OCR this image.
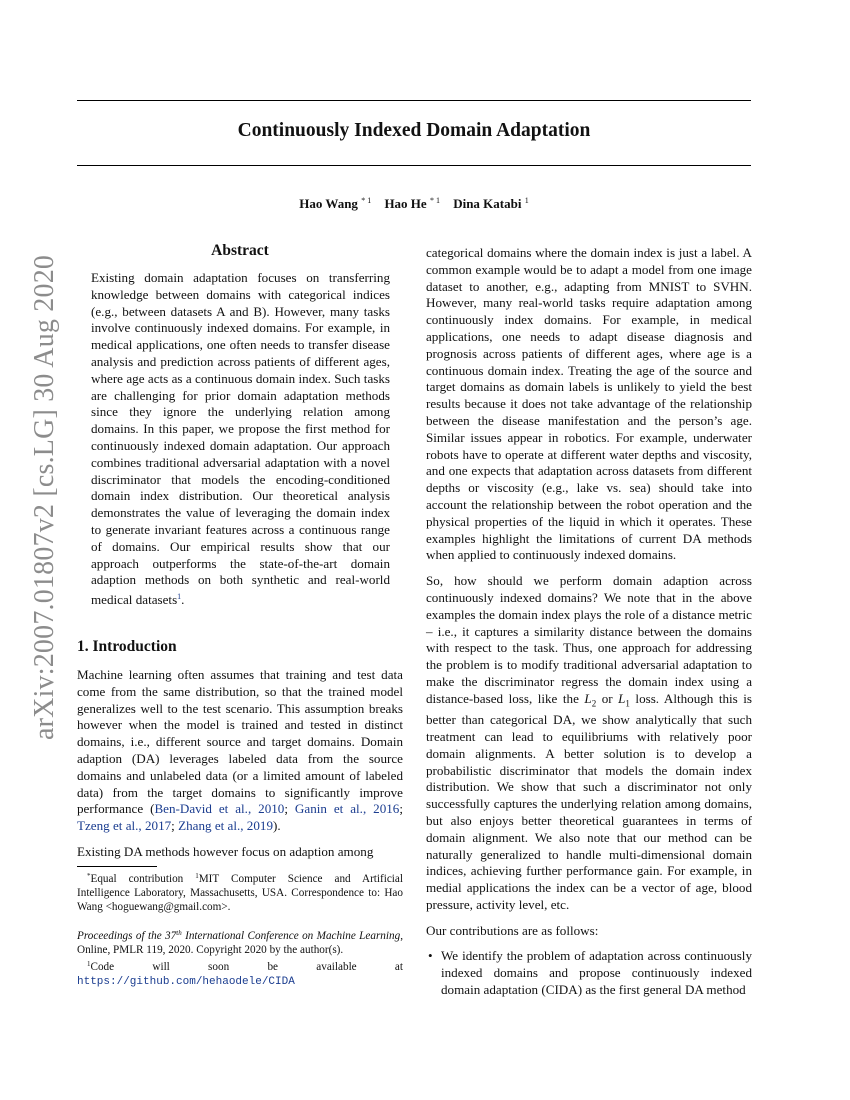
arXiv:2007.01807v2 [cs.LG] 30 Aug 2020
Continuously Indexed Domain Adaptation
Hao Wang $^{* 1}$ Hao He $^{* 1}$ Dina Katabi $^1$
Abstract

Existing domain adaptation focuses on transferring knowledge between domains with categorical indices (e.g., between datasets A and B). However, many tasks involve continuously indexed domains. For example, in medical applications, one often needs to transfer disease analysis and prediction across patients of different ages, where age acts as a continuous domain index. Such tasks are challenging for prior domain adaptation methods since they ignore the underlying relation among domains. In this paper, we propose the first method for continuously indexed domain adaptation. Our approach combines traditional adversarial adaptation with a novel discriminator that models the encoding-conditioned domain index distribution. Our theoretical analysis demonstrates the value of leveraging the domain index to generate invariant features across a continuous range of domains. Our empirical results show that our approach outperforms the state-of-the-art domain adaption methods on both synthetic and real-world medical datasets$^1$.

1. Introduction

Machine learning often assumes that training and test data come from the same distribution, so that the trained model generalizes well to the test scenario. This assumption breaks however when the model is trained and tested in distinct domains, i.e., different source and target domains. Domain adaption (DA) leverages labeled data from the source domains and unlabeled data (or a limited amount of labeled data) from the target domains to significantly improve performance (Ben-David et al., 2010; Ganin et al., 2016; Tzeng et al., 2017; Zhang et al., 2019).

Existing DA methods however focus on adaption among

*Equal contribution $^1$MIT Computer Science and Artificial Intelligence Laboratory, Massachusetts, USA. Correspondence to: Hao Wang <hoguewang@gmail.com>.

Proceedings of the 37th International Conference on Machine Learning, Online, PMLR 119, 2020. Copyright 2020 by the author(s).

$^1$Code will soon be available at https://github.com/hehaodele/CIDA

categorical domains where the domain index is just a label. A common example would be to adapt a model from one image dataset to another, e.g., adapting from MNIST to SVHN. However, many real-world tasks require adaptation among continuously index domains. For example, in medical applications, one needs to adapt disease diagnosis and prognosis across patients of different ages, where age is a continuous domain index. Treating the age of the source and target domains as domain labels is unlikely to yield the best results because it does not take advantage of the relationship between the disease manifestation and the person’s age. Similar issues appear in robotics. For example, underwater robots have to operate at different water depths and viscosity, and one expects that adaptation across datasets from different depths or viscosity (e.g., lake vs. sea) should take into account the relationship between the robot operation and the physical properties of the liquid in which it operates. These examples highlight the limitations of current DA methods when applied to continuously indexed domains.

So, how should we perform domain adaption across continuously indexed domains? We note that in the above examples the domain index plays the role of a distance metric – i.e., it captures a similarity distance between the domains with respect to the task. Thus, one approach for addressing the problem is to modify traditional adversarial adaptation to make the discriminator regress the domain index using a distance-based loss, like the $L_2$ or $L_1$ loss. Although this is better than categorical DA, we show analytically that such treatment can lead to equilibriums with relatively poor domain alignments. A better solution is to develop a probabilistic discriminator that models the domain index distribution. We show that such a discriminator not only successfully captures the underlying relation among domains, but also enjoys better theoretical guarantees in terms of domain alignment. We also note that our method can be naturally generalized to handle multi-dimensional domain indices, achieving further performance gain. For example, in medial applications the index can be a vector of age, blood pressure, activity level, etc.

Our contributions are as follows:

• We identify the problem of adaptation across continuously indexed domains and propose continuously indexed domain adaptation (CIDA) as the first general DA method
